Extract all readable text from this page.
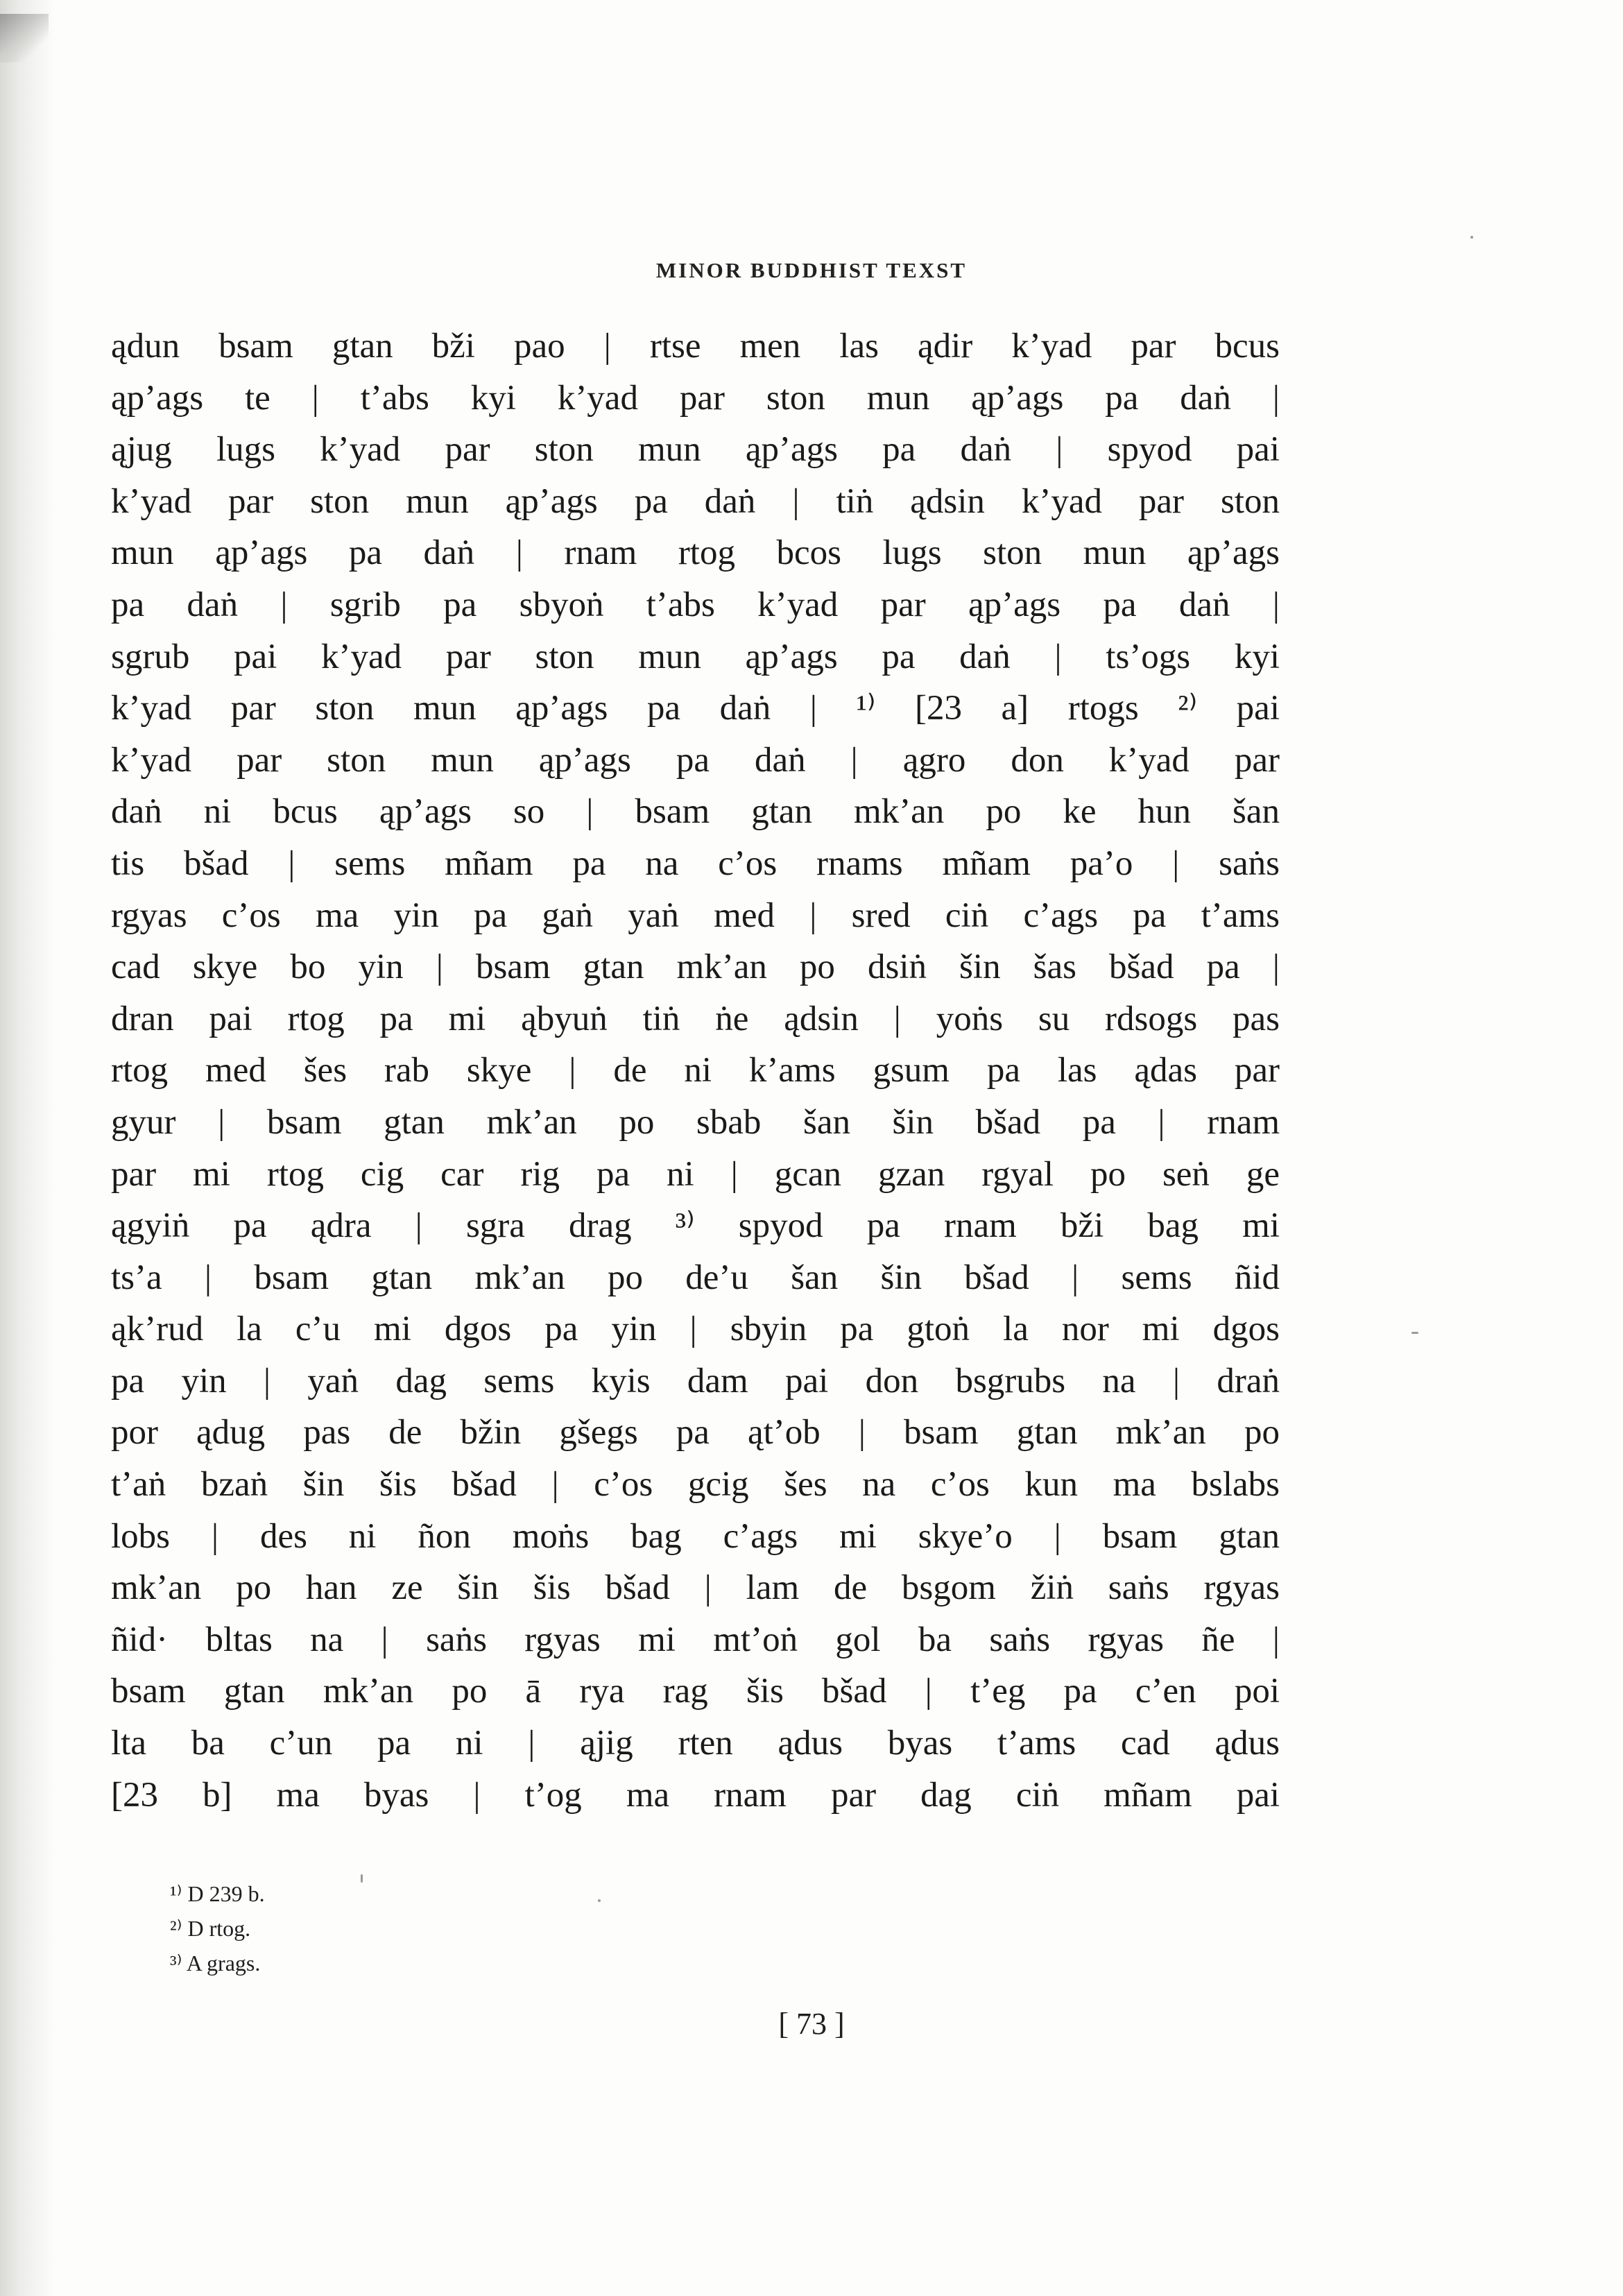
MINOR BUDDHIST TEXST
ądun bsam gtan bži pao | rtse men las ądir k’yad par bcus
ąp’ags te | t’abs kyi k’yad par ston mun ąp’ags pa daṅ |
ąjug lugs k’yad par ston mun ąp’ags pa daṅ | spyod pai
k’yad par ston mun ąp’ags pa daṅ | tiṅ ądsin k’yad par ston
mun ąp’ags pa daṅ | rnam rtog bcos lugs ston mun ąp’ags
pa daṅ | sgrib pa sbyoṅ t’abs k’yad par ąp’ags pa daṅ |
sgrub pai k’yad par ston mun ąp’ags pa daṅ | ts’ogs kyi
k’yad par ston mun ąp’ags pa daṅ | ¹⁾ [23 a] rtogs ²⁾ pai
k’yad par ston mun ąp’ags pa daṅ | ągro don k’yad par
daṅ ni bcus ąp’ags so | bsam gtan mk’an po ke hun šan
tis bšad | sems mñam pa na c’os rnams mñam pa’o | saṅs
rgyas c’os ma yin pa gaṅ yaṅ med | sred ciṅ c’ags pa t’ams
cad skye bo yin | bsam gtan mk’an po dsiṅ šin šas bšad pa |
dran pai rtog pa mi ąbyuṅ tiṅ ṅe ądsin | yoṅs su rdsogs pas
rtog med šes rab skye | de ni k’ams gsum pa las ądas par
gyur | bsam gtan mk’an po sbab šan šin bšad pa | rnam
par mi rtog cig car rig pa ni | gcan gzan rgyal po seṅ ge
ągyiṅ pa ądra | sgra drag ³⁾ spyod pa rnam bži bag mi
ts’a | bsam gtan mk’an po de’u šan šin bšad | sems ñid
ąk’rud la c’u mi dgos pa yin | sbyin pa gtoṅ la nor mi dgos
pa yin | yaṅ dag sems kyis dam pai don bsgrubs na | draṅ
por ądug pas de bžin gšegs pa ąt’ob | bsam gtan mk’an po
t’aṅ bzaṅ šin šis bšad | c’os gcig šes na c’os kun ma bslabs
lobs | des ni ñon moṅs bag c’ags mi skye’o | bsam gtan
mk’an po han ze šin šis bšad | lam de bsgom žiṅ saṅs rgyas
ñid· bltas na | saṅs rgyas mi mt’oṅ gol ba saṅs rgyas ñe |
bsam gtan mk’an po ā rya rag šis bšad | t’eg pa c’en poi
lta ba c’un pa ni | ąjig rten ądus byas t’ams cad ądus
[23 b] ma byas | t’og ma rnam par dag ciṅ mñam pai
¹⁾ D 239 b.
²⁾ D rtog.
³⁾ A grags.
[ 73 ]
